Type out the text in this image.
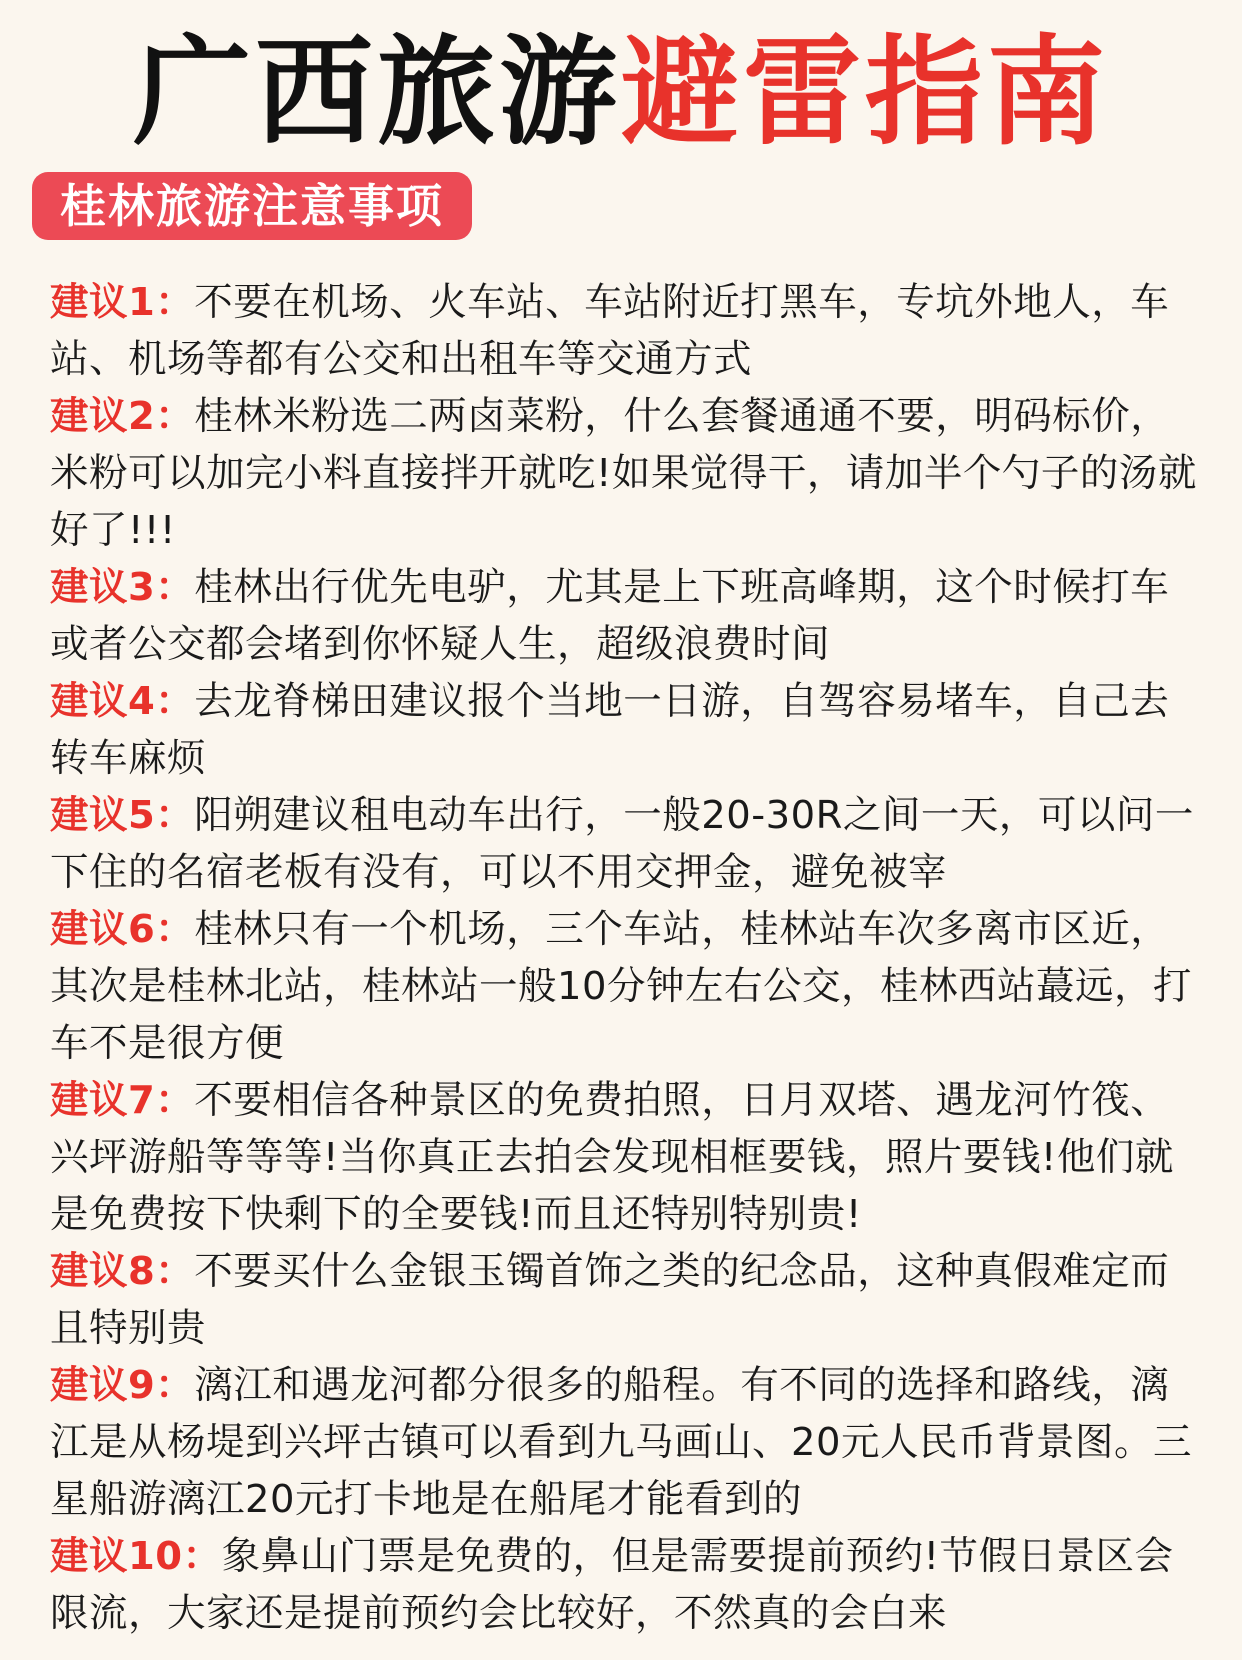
广西旅游避雷指南
桂林旅游注意事项

建议1：不要在机场、火车站、车站附近打黑车，专坑外地人，车站、机场等都有公交和出租车等交通方式

建议2：桂林米粉选二两卤菜粉，什么套餐通通不要，明码标价，米粉可以加完小料直接拌开就吃!如果觉得干，请加半个勺子的汤就好了!!!

建议3：桂林出行优先电驴，尤其是上下班高峰期，这个时候打车或者公交都会堵到你怀疑人生，超级浪费时间

建议4：去龙脊梯田建议报个当地一日游，自驾容易堵车，自己去转车麻烦

建议5：阳朔建议租电动车出行，一般20-30R之间一天，可以问一下住的名宿老板有没有，可以不用交押金，避免被宰

建议6：桂林只有一个机场，三个车站，桂林站车次多离市区近，其次是桂林北站，桂林站一般10分钟左右公交，桂林西站蕞远，打车不是很方便

建议7：不要相信各种景区的免费拍照，日月双塔、遇龙河竹筏、兴坪游船等等等!当你真正去拍会发现相框要钱，照片要钱!他们就是免费按下快剩下的全要钱!而且还特别特别贵!

建议8：不要买什么金银玉镯首饰之类的纪念品，这种真假难定而且特别贵

建议9：漓江和遇龙河都分很多的船程。有不同的选择和路线，漓江是从杨堤到兴坪古镇可以看到九马画山、20元人民币背景图。三星船游漓江20元打卡地是在船尾才能看到的

建议10：象鼻山门票是免费的，但是需要提前预约!节假日景区会限流，大家还是提前预约会比较好，不然真的会白来
